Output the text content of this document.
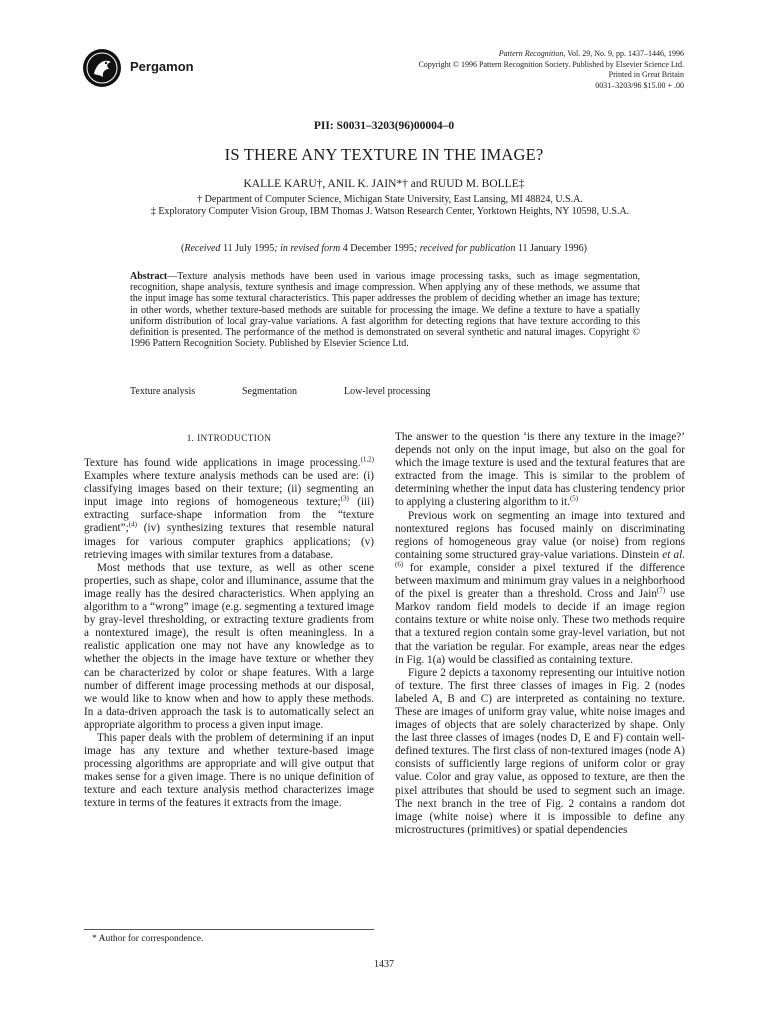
Pergamon
Pattern Recognition, Vol. 29, No. 9, pp. 1437–1446, 1996
Copyright © 1996 Pattern Recognition Society. Published by Elsevier Science Ltd.
Printed in Great Britain
0031–3203/96 $15.00 + .00
PII: S0031–3203(96)00004–0
IS THERE ANY TEXTURE IN THE IMAGE?
KALLE KARU†, ANIL K. JAIN*† and RUUD M. BOLLE‡
† Department of Computer Science, Michigan State University, East Lansing, MI 48824, U.S.A.
‡ Exploratory Computer Vision Group, IBM Thomas J. Watson Research Center, Yorktown Heights, NY 10598, U.S.A.
(Received 11 July 1995; in revised form 4 December 1995; received for publication 11 January 1996)
Abstract—Texture analysis methods have been used in various image processing tasks, such as image segmentation, recognition, shape analysis, texture synthesis and image compression. When applying any of these methods, we assume that the input image has some textural characteristics. This paper addresses the problem of deciding whether an image has texture; in other words, whether texture-based methods are suitable for processing the image. We define a texture to have a spatially uniform distribution of local gray-value variations. A fast algorithm for detecting regions that have texture according to this definition is presented. The performance of the method is demonstrated on several synthetic and natural images. Copyright © 1996 Pattern Recognition Society. Published by Elsevier Science Ltd.
Texture analysis	Segmentation	Low-level processing
1. INTRODUCTION

Texture has found wide applications in image processing.$^{(1,2)}$ Examples where texture analysis methods can be used are: (i) classifying images based on their texture; (ii) segmenting an input image into regions of homogeneous texture;$^{(3)}$ (iii) extracting surface-shape information from the “texture gradient”;$^{(4)}$ (iv) synthesizing textures that resemble natural images for various computer graphics applications; (v) retrieving images with similar textures from a database.

Most methods that use texture, as well as other scene properties, such as shape, color and illuminance, assume that the image really has the desired characteristics. When applying an algorithm to a “wrong” image (e.g. segmenting a textured image by gray-level thresholding, or extracting texture gradients from a nontextured image), the result is often meaningless. In a realistic application one may not have any knowledge as to whether the objects in the image have texture or whether they can be characterized by color or shape features. With a large number of different image processing methods at our disposal, we would like to know when and how to apply these methods. In a data-driven approach the task is to automatically select an appropriate algorithm to process a given input image.

This paper deals with the problem of determining if an input image has any texture and whether texture-based image processing algorithms are appropriate and will give output that makes sense for a given image. There is no unique definition of texture and each texture analysis method characterizes image texture in terms of the features it extracts from the image.

The answer to the question ‘is there any texture in the image?’ depends not only on the input image, but also on the goal for which the image texture is used and the textural features that are extracted from the image. This is similar to the problem of determining whether the input data has clustering tendency prior to applying a clustering algorithm to it.$^{(5)}$

Previous work on segmenting an image into textured and nontextured regions has focused mainly on discriminating regions of homogeneous gray value (or noise) from regions containing some structured gray-value variations. Dinstein et al.$^{(6)}$ for example, consider a pixel textured if the difference between maximum and minimum gray values in a neighborhood of the pixel is greater than a threshold. Cross and Jain$^{(7)}$ use Markov random field models to decide if an image region contains texture or white noise only. These two methods require that a textured region contain some gray-level variation, but not that the variation be regular. For example, areas near the edges in Fig. 1(a) would be classified as containing texture.

Figure 2 depicts a taxonomy representing our intuitive notion of texture. The first three classes of images in Fig. 2 (nodes labeled A, B and C) are interpreted as containing no texture. These are images of uniform gray value, white noise images and images of objects that are solely characterized by shape. Only the last three classes of images (nodes D, E and F) contain well-defined textures. The first class of non-textured images (node A) consists of sufficiently large regions of uniform color or gray value. Color and gray value, as opposed to texture, are then the pixel attributes that should be used to segment such an image. The next branch in the tree of Fig. 2 contains a random dot image (white noise) where it is impossible to define any microstructures (primitives) or spatial dependencies

* Author for correspondence.
1437
